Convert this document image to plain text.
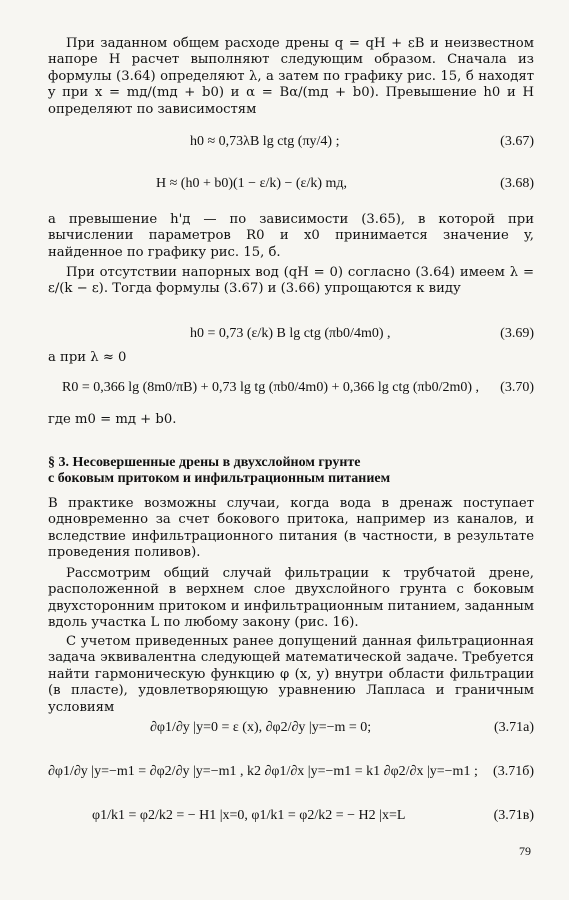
При заданном общем расходе дрены q = qH + εB и неизвестном напоре H расчет выполняют следующим образом. Сначала из формулы (3.64) определяют λ, а затем по графику рис. 15, б находят y при x = mд/(mд + b0) и α = Bα/(mд + b0). Превышение h0 и H определяют по зависимостям

h0 ≈ 0,73λB lg ctg (πy/4) ;	(3.67)
H ≈ (h0 + b0)(1 − ε/k) − (ε/k) mд,	(3.68)

а превышение h'д — по зависимости (3.65), в которой при вычислении параметров R0 и x0 принимается значение y, найденное по графику рис. 15, б.

При отсутствии напорных вод (qH = 0) согласно (3.64) имеем λ = ε/(k − ε). Тогда формулы (3.67) и (3.66) упрощаются к виду

h0 = 0,73 (ε/k) B lg ctg (πb0/4m0) ,	(3.69)

а при λ ≈ 0

R0 = 0,366 lg (8m0/πB) + 0,73 lg tg (πb0/4m0) + 0,366 lg ctg (πb0/2m0) , (3.70)

где m0 = mд + b0.

§ 3. Несовершенные дрены в двухслойном грунте
с боковым притоком и инфильтрационным питанием

В практике возможны случаи, когда вода в дренаж поступает одновременно за счет бокового притока, например из каналов, и вследствие инфильтрационного питания (в частности, в результате проведения поливов).

Рассмотрим общий случай фильтрации к трубчатой дрене, расположенной в верхнем слое двухслойного грунта с боковым двухсторонним притоком и инфильтрационным питанием, заданным вдоль участка L по любому закону (рис. 16).

С учетом приведенных ранее допущений данная фильтрационная задача эквивалентна следующей математической задаче. Требуется найти гармоническую функцию φ (x, y) внутри области фильтрации (в пласте), удовлетворяющую уравнению Лапласа и граничным условиям

∂φ1/∂y |y=0 = ε (x), ∂φ2/∂y |y=−m = 0;	(3.71а)
∂φ1/∂y |y=−m1 = ∂φ2/∂y |y=−m1 , k2 ∂φ1/∂x |y=−m1 = k1 ∂φ2/∂x |y=−m1 ; (3.71б)
φ1/k1 = φ2/k2 = − H1 |x=0, φ1/k1 = φ2/k2 = − H2 |x=L	(3.71в)
79
